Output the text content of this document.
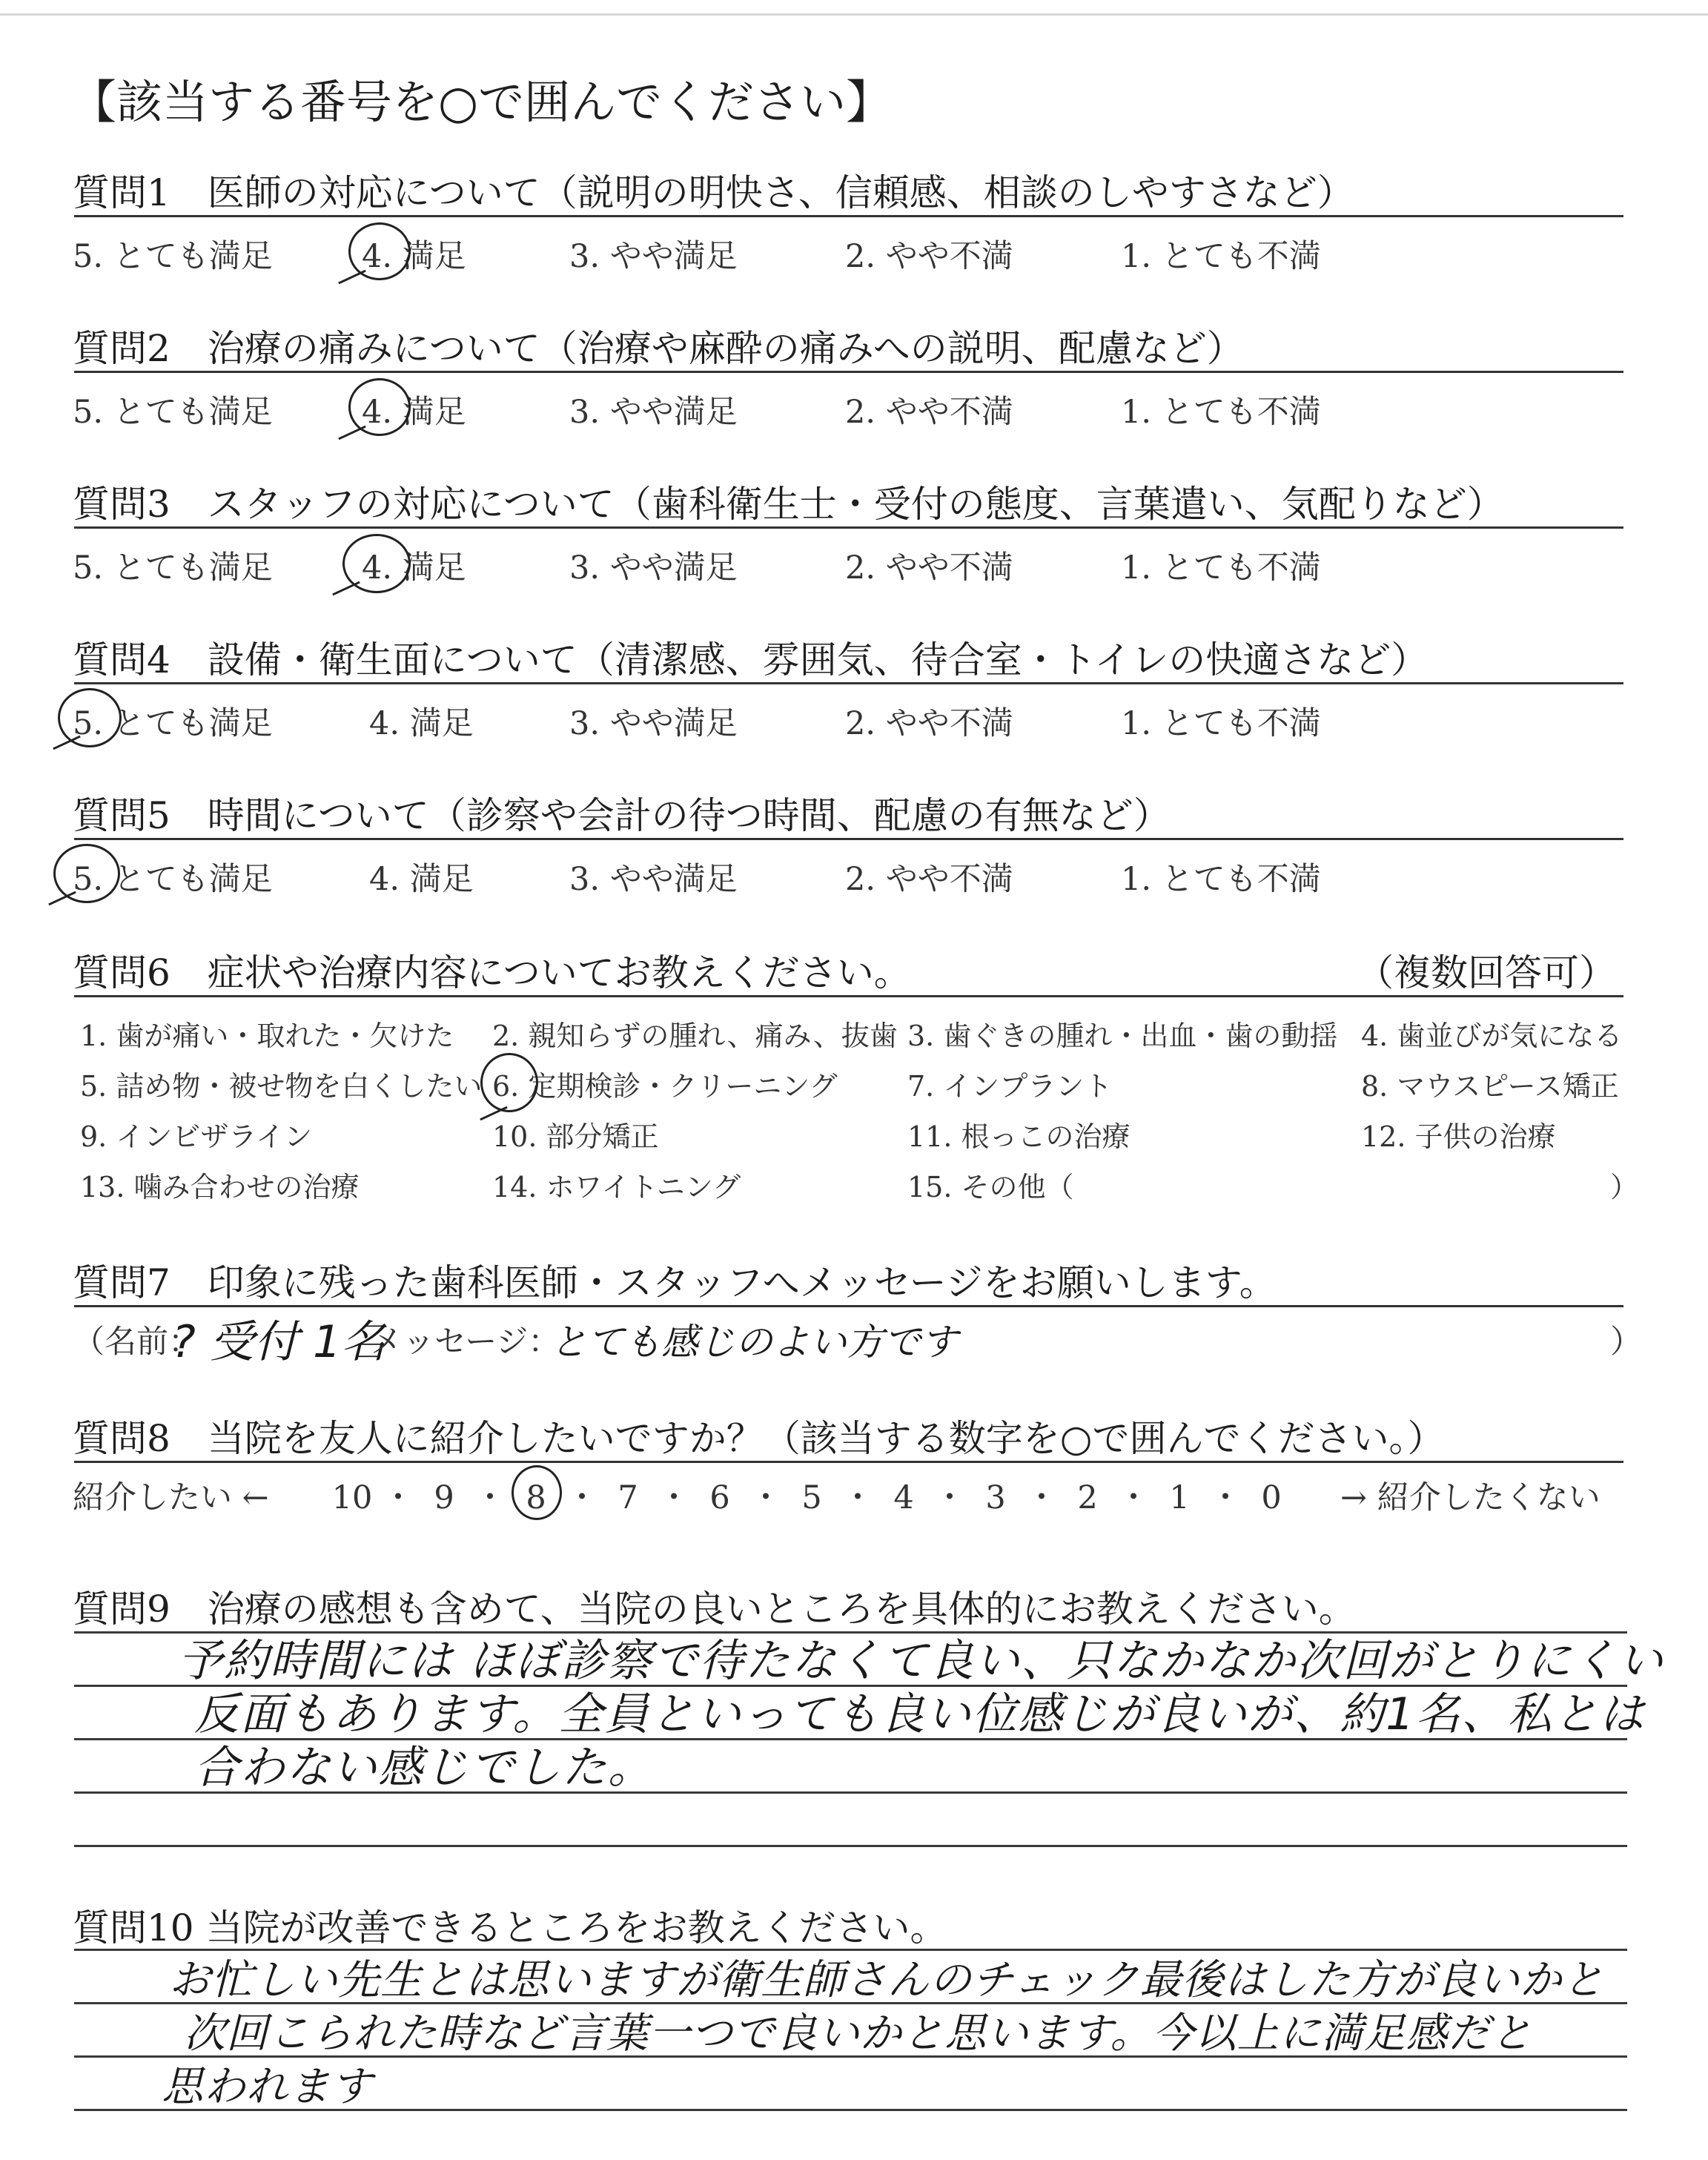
【該当する番号を○で囲んでください】
質問1　医師の対応について（説明の明快さ、信頼感、相談のしやすさなど）
5. とても満足	4. 満足	3. やや満足	2. やや不満	1. とても不満
質問2　治療の痛みについて（治療や麻酔の痛みへの説明、配慮など）
5. とても満足	4. 満足	3. やや満足	2. やや不満	1. とても不満
質問3　スタッフの対応について（歯科衛生士・受付の態度、言葉遣い、気配りなど）
5. とても満足	4. 満足	3. やや満足	2. やや不満	1. とても不満
質問4　設備・衛生面について（清潔感、雰囲気、待合室・トイレの快適さなど）
5. とても満足	4. 満足	3. やや満足	2. やや不満	1. とても不満
質問5　時間について（診察や会計の待つ時間、配慮の有無など）
5. とても満足	4. 満足	3. やや満足	2. やや不満	1. とても不満
質問6　症状や治療内容についてお教えください。	（複数回答可）
1. 歯が痛い・取れた・欠けた 2. 親知らずの腫れ、痛み、抜歯 3. 歯ぐきの腫れ・出血・歯の動揺 4. 歯並びが気になる
5. 詰め物・被せ物を白くしたい 6. 定期検診・クリーニング 7. インプラント	8. マウスピース矯正
9. インビザライン	10. 部分矯正	11. 根っこの治療	12. 子供の治療
13. 噛み合わせの治療	14. ホワイトニング	15. その他（	）
質問7　印象に残った歯科医師・スタッフへメッセージをお願いします。
（名前：
? 受付 1名
メッセージ：
とても感じのよい方です	）
質問8　当院を友人に紹介したいですか？（該当する数字を○で囲んでください。）
紹介したい ← 10 ・ 9 ・ 8 ・ 7 ・ 6 ・ 5 ・ 4 ・ 3 ・ 2 ・ 1 ・ 0	→ 紹介したくない
質問9　治療の感想も含めて、当院の良いところを具体的にお教えください。
予約時間には ほぼ診察で待たなくて良い、只なかなか次回がとりにくい
反面もあります。全員といっても良い位感じが良いが、約1名、私とは
合わない感じでした。
質問10 当院が改善できるところをお教えください。
お忙しい先生とは思いますが衛生師さんのチェック最後はした方が良いかと
次回こられた時など言葉一つで良いかと思います。今以上に満足感だと
思われます
